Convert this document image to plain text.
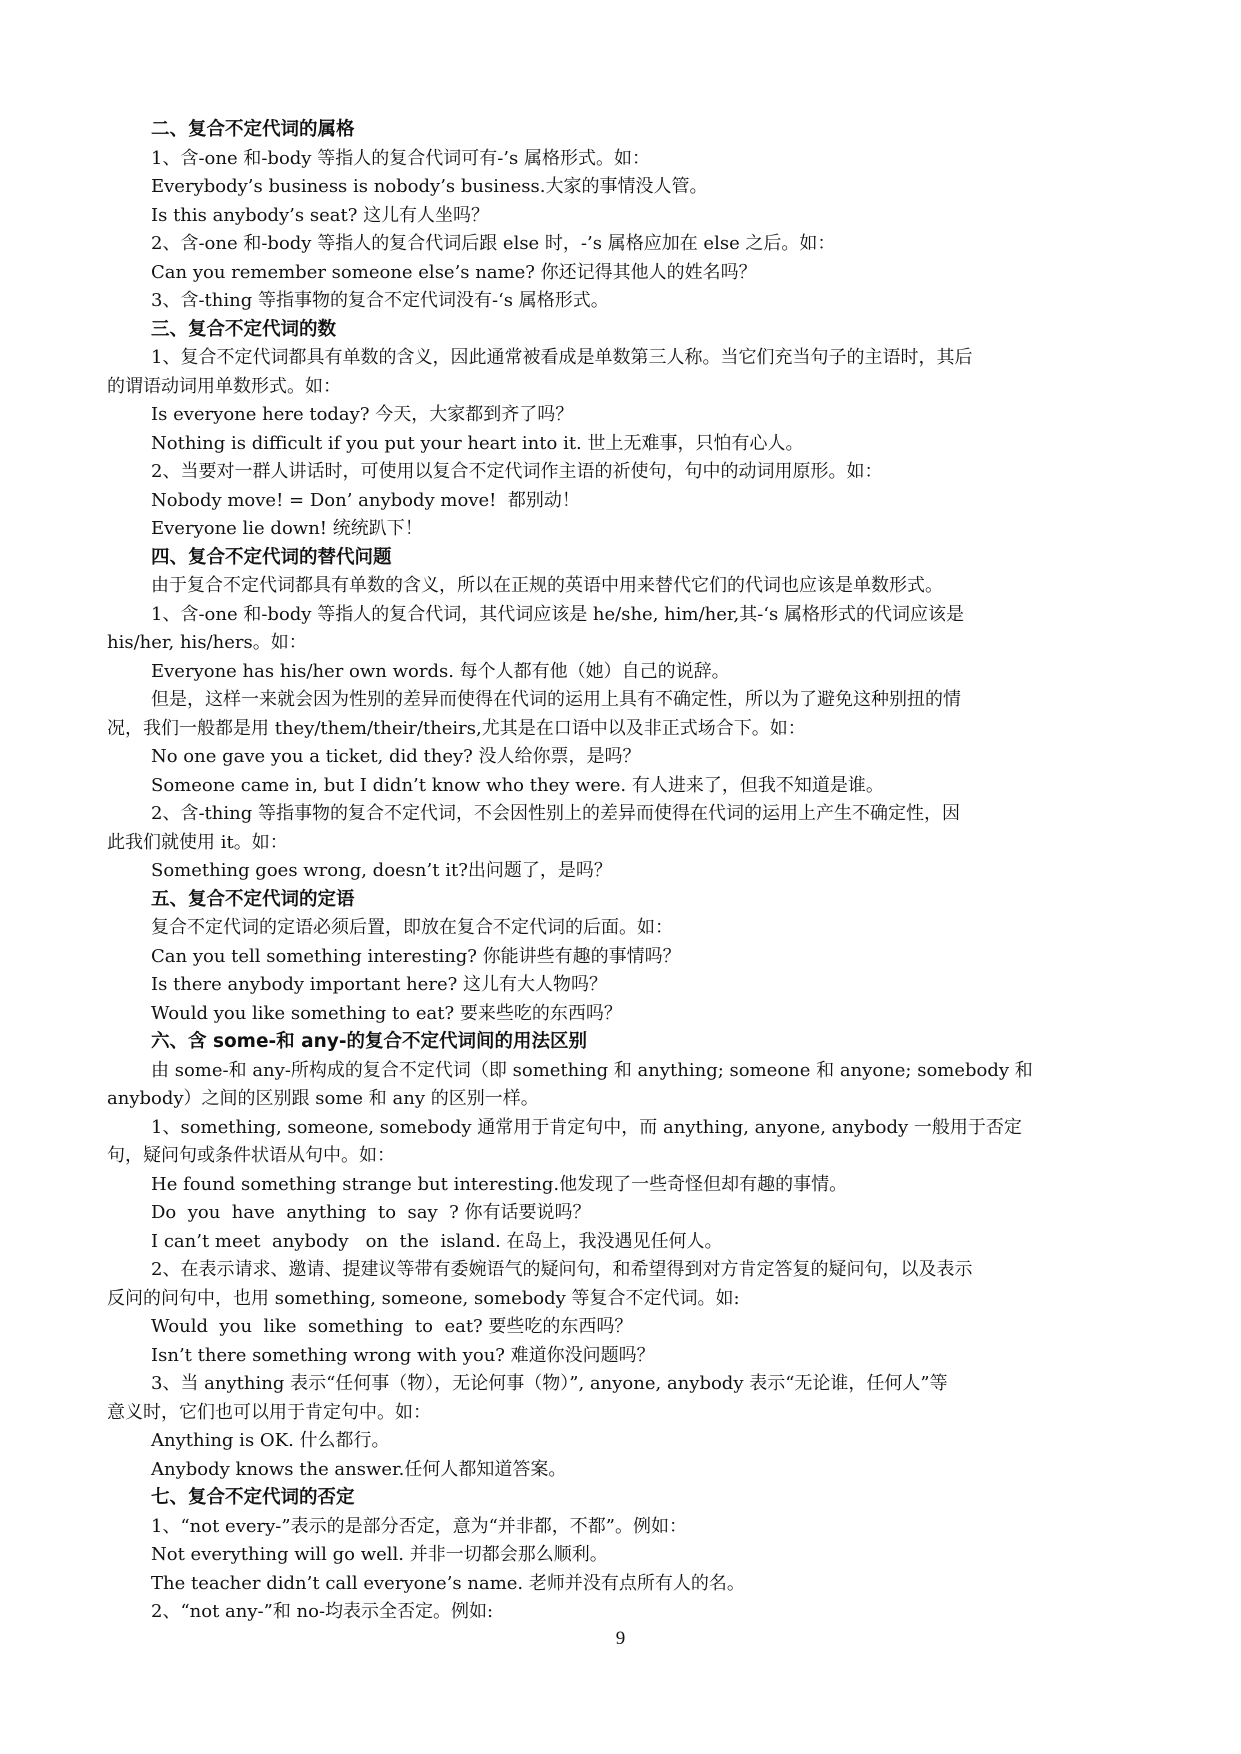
二、复合不定代词的属格
1、含-one 和-body 等指人的复合代词可有-’s 属格形式。如：
Everybody’s business is nobody’s business.大家的事情没人管。
Is this anybody’s seat? 这儿有人坐吗？
2、含-one 和-body 等指人的复合代词后跟 else 时，-’s 属格应加在 else 之后。如：
Can you remember someone else’s name? 你还记得其他人的姓名吗？
3、含-thing 等指事物的复合不定代词没有-‘s 属格形式。
三、复合不定代词的数
1、复合不定代词都具有单数的含义，因此通常被看成是单数第三人称。当它们充当句子的主语时，其后
的谓语动词用单数形式。如：
Is everyone here today? 今天，大家都到齐了吗？
Nothing is difficult if you put your heart into it. 世上无难事，只怕有心人。
2、当要对一群人讲话时，可使用以复合不定代词作主语的祈使句，句中的动词用原形。如：
Nobody move! = Don’ anybody move!  都别动！
Everyone lie down! 统统趴下！
四、复合不定代词的替代问题
由于复合不定代词都具有单数的含义，所以在正规的英语中用来替代它们的代词也应该是单数形式。
1、含-one 和-body 等指人的复合代词，其代词应该是 he/she, him/her,其-‘s 属格形式的代词应该是
his/her, his/hers。如：
Everyone has his/her own words. 每个人都有他（她）自己的说辞。
但是，这样一来就会因为性别的差异而使得在代词的运用上具有不确定性，所以为了避免这种别扭的情
况，我们一般都是用 they/them/their/theirs,尤其是在口语中以及非正式场合下。如：
No one gave you a ticket, did they? 没人给你票，是吗？
Someone came in, but I didn’t know who they were. 有人进来了，但我不知道是谁。
2、含-thing 等指事物的复合不定代词，不会因性别上的差异而使得在代词的运用上产生不确定性，因
此我们就使用 it。如：
Something goes wrong, doesn’t it?出问题了，是吗？
五、复合不定代词的定语
复合不定代词的定语必须后置，即放在复合不定代词的后面。如：
Can you tell something interesting? 你能讲些有趣的事情吗？
Is there anybody important here? 这儿有大人物吗？
Would you like something to eat? 要来些吃的东西吗？
六、含 some-和 any-的复合不定代词间的用法区别
由 some-和 any-所构成的复合不定代词（即 something 和 anything; someone 和 anyone; somebody 和
anybody）之间的区别跟 some 和 any 的区别一样。
1、something, someone, somebody 通常用于肯定句中，而 anything, anyone, anybody 一般用于否定
句，疑问句或条件状语从句中。如：
He found something strange but interesting.他发现了一些奇怪但却有趣的事情。
Do  you  have  anything  to  say  ? 你有话要说吗？
I can’t meet  anybody   on  the  island. 在岛上，我没遇见任何人。
2、在表示请求、邀请、提建议等带有委婉语气的疑问句，和希望得到对方肯定答复的疑问句，以及表示
反问的问句中，也用 something, someone, somebody 等复合不定代词。如:
Would  you  like  something  to  eat? 要些吃的东西吗？
Isn’t there something wrong with you? 难道你没问题吗？
3、当 anything 表示“任何事（物），无论何事（物）”, anyone, anybody 表示“无论谁，任何人”等
意义时，它们也可以用于肯定句中。如：
Anything is OK. 什么都行。
Anybody knows the answer.任何人都知道答案。
七、复合不定代词的否定
1、“not every-”表示的是部分否定，意为“并非都，不都”。例如：
Not everything will go well. 并非一切都会那么顺利。
The teacher didn’t call everyone’s name. 老师并没有点所有人的名。
2、“not any-”和 no-均表示全否定。例如:
9
